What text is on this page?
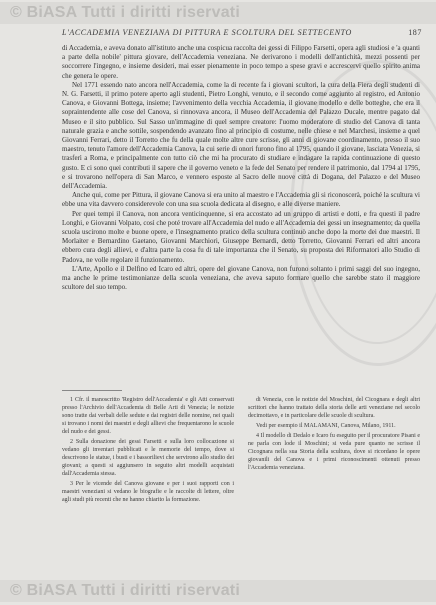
© BiASA Tutti i diritti riservati
L'ACCADEMIA VENEZIANA DI PITTURA E SCOLTURA DEL SETTECENTO	187

di Accademia, e aveva donato all'istituto anche una cospicua raccolta dei gessi di Filippo Farsetti, opera agli studiosi e 'a quanti a parte della nobile' pittura giovare, dell'Accademia veneziana. Ne derivarono i modelli dell'antichità, mezzi possenti per soccorrere l'ingegno, e insieme desideri, mai esser pienamente in poco tempo a spese gravi e accrescervi quello spirito anima che genera le opere.

Nel 1771 essendo nato ancora nell'Accademia, come la di recente fa i giovani scultori, la cura della Fiera degli studenti di N. G. Farsetti, il primo potere aperto agli studenti, Pietro Longhi, venuto, e il secondo come aggiunto al registro, ed Antonio Canova, e Giovanni Bottega, insieme; l'avvenimento della vecchia Accademia, il giovane modello e delle botteghe, che era il sopraintendente alle cose del Canova, si rinnovava ancora, il Museo dell'Accademia del Palazzo Ducale, mentre pagato dal Museo e il sito pubblico. Sul Sasso un'immagine di quel sempre creatore: l'uomo moderatore di studio del Canova di tanta naturale grazia e anche sottile, sospendendo avanzato fino al principio di costume, nelle chiese e nel Marchesi, insieme a quel Giovanni Ferrari, detto il Torretto che fu della quale molte altre cure scrisse, gli anni di giovane coordinamento, presso il suo maestro, tenuto l'amore dell'Accademia Canova, la cui serie di onori furono fino al 1795, quando il giovane, lasciata Venezia, si trasferì a Roma, e principalmente con tutto ciò che mi ha procurato di studiare e indagare la rapida continuazione di questo gusto. E ci sono quei contributi il sapere che il governo veneto e la fede del Senato per rendere il patrimonio, dal 1794 al 1795, e si trovarono nell'opera di San Marco, e vennero esposte al Sacro delle nuove città di Dogana, del Palazzo e del Museo dell'Accademia.

Anche qui, come per Pittura, il giovane Canova si era unito al maestro e l'Accademia gli si riconoscerà, poiché la scultura vi ebbe una vita davvero considerevole con una sua scuola dedicata al disegno, e alle diverse maniere.

Per quei tempi il Canova, non ancora venticinquenne, si era accostato ad un gruppo di artisti e dotti, e fra questi il padre Longhi, e Giovanni Volpato, così che poté trovare all'Accademia del nudo e all'Accademia dei gessi un insegnamento; da quella scuola uscirono molte e buone opere, e l'insegnamento pratico della scultura continuò anche dopo la morte dei due maestri. Il Morlaiter e Bernardino Gaetano, Giovanni Marchiori, Giuseppe Bernardi, detto Torretto, Giovanni Ferrari ed altri ancora ebbero cura degli allievi, e d'altra parte la cosa fu di tale importanza che il Senato, su proposta dei Riformatori allo Studio di Padova, ne volle regolare il funzionamento.

L'Arte, Apollo e il Delfino ed Icaro ed altri, opere del giovane Canova, non furono soltanto i primi saggi del suo ingegno, ma anche le prime testimonianze della scuola veneziana, che aveva saputo formare quello che sarebbe stato il maggiore scultore del suo tempo.

1 Cfr. il manoscritto 'Registro dell'Accademia' e gli Atti conservati presso l'Archivio dell'Accademia di Belle Arti di Venezia; le notizie sono tratte dai verbali delle sedute e dai registri delle nomine, nei quali si trovano i nomi dei maestri e degli allievi che frequentarono le scuole del nudo e dei gessi.

2 Sulla donazione dei gessi Farsetti e sulla loro collocazione si vedano gli inventari pubblicati e le memorie del tempo, dove si descrivono le statue, i busti e i bassorilievi che servirono allo studio dei giovani; a questi si aggiunsero in seguito altri modelli acquistati dall'Accademia stessa.

3 Per le vicende del Canova giovane e per i suoi rapporti con i maestri veneziani si vedano le biografie e le raccolte di lettere, oltre agli studi più recenti che ne hanno chiarito la formazione.

di Venezia, con le notizie del Moschini, del Cicognara e degli altri scrittori che hanno trattato della storia delle arti veneziane nel secolo decimottavo, e in particolare delle scuole di scultura.

Vedi per esempio il MALAMANI, Canova, Milano, 1911.

4 Il modello di Dedalo e Icaro fu eseguito per il procuratore Pisani e ne parla con lode il Moschini; si veda pure quanto ne scrisse il Cicognara nella sua Storia della scultura, dove si ricordano le opere giovanili del Canova e i primi riconoscimenti ottenuti presso l'Accademia veneziana.

© BiASA Tutti i diritti riservati
